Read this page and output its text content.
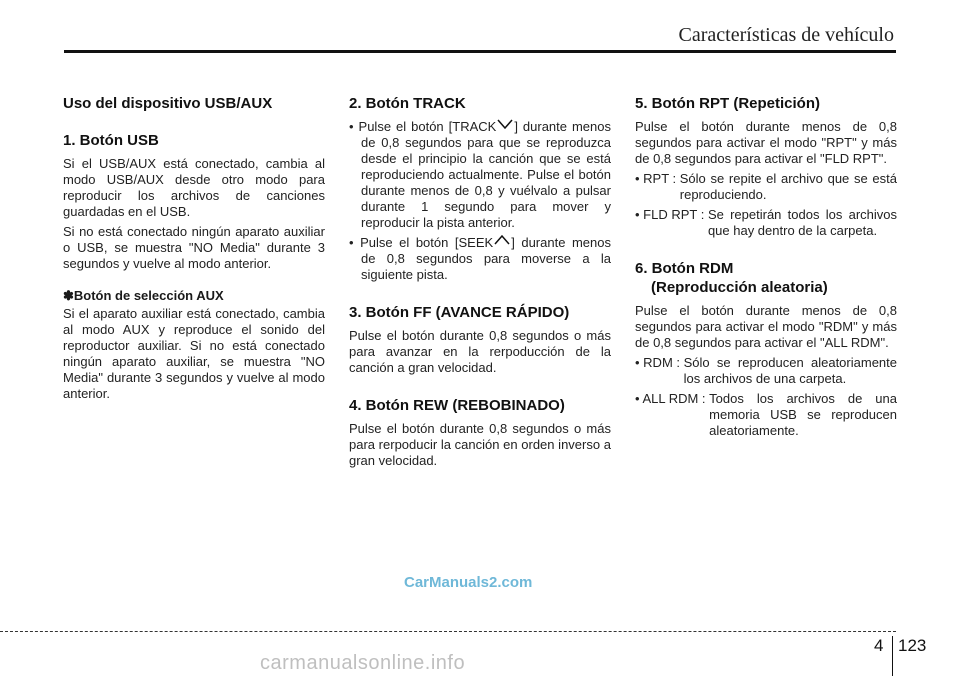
Características de vehículo
Uso del dispositivo USB/AUX
1. Botón USB

Si el USB/AUX está conectado, cambia al modo USB/AUX desde otro modo para reproducir los archivos de canciones guardadas en el USB.

Si no está conectado ningún aparato auxiliar o USB, se muestra "NO Media" durante 3 segundos y vuelve al modo anterior.

✽Botón de selección AUX

Si el aparato auxiliar está conectado, cambia al modo AUX y reproduce el sonido del reproductor auxiliar. Si no está conectado ningún aparato auxiliar, se muestra "NO Media" durante 3 segundos y vuelve al modo anterior.

2. Botón TRACK
• Pulse el botón [TRACK ] durante menos de 0,8 segundos para que se reproduzca desde el principio la canción que se está reproduciendo actualmente. Pulse el botón durante menos de 0,8 y vuélvalo a pulsar durante 1 segundo para mover y reproducir la pista anterior.
• Pulse el botón [SEEK ] durante menos de 0,8 segundos para moverse a la siguiente pista.
3. Botón FF (AVANCE RÁPIDO)

Pulse el botón durante 0,8 segundos o más para avanzar en la rerpoducción de la canción a gran velocidad.

4. Botón REW (REBOBINADO)

Pulse el botón durante 0,8 segundos o más para rerpoducir la canción en orden inverso a gran velocidad.

5. Botón RPT (Repetición)

Pulse el botón durante menos de 0,8 segundos para activar el modo "RPT" y más de 0,8 segundos para activar el "FLD RPT".

• RPT : Sólo se repite el archivo que se está reproduciendo.
• FLD RPT : Se repetirán todos los archivos que hay dentro de la carpeta.
6. Botón RDM
(Reproducción aleatoria)

Pulse el botón durante menos de 0,8 segundos para activar el modo "RDM" y más de 0,8 segundos para activar el "ALL RDM".

• RDM : Sólo se reproducen aleatoriamente los archivos de una carpeta.
• ALL RDM : Todos los archivos de una memoria USB se reproducen aleatoriamente.
CarManuals2.com
4 123
carmanualsonline.info
